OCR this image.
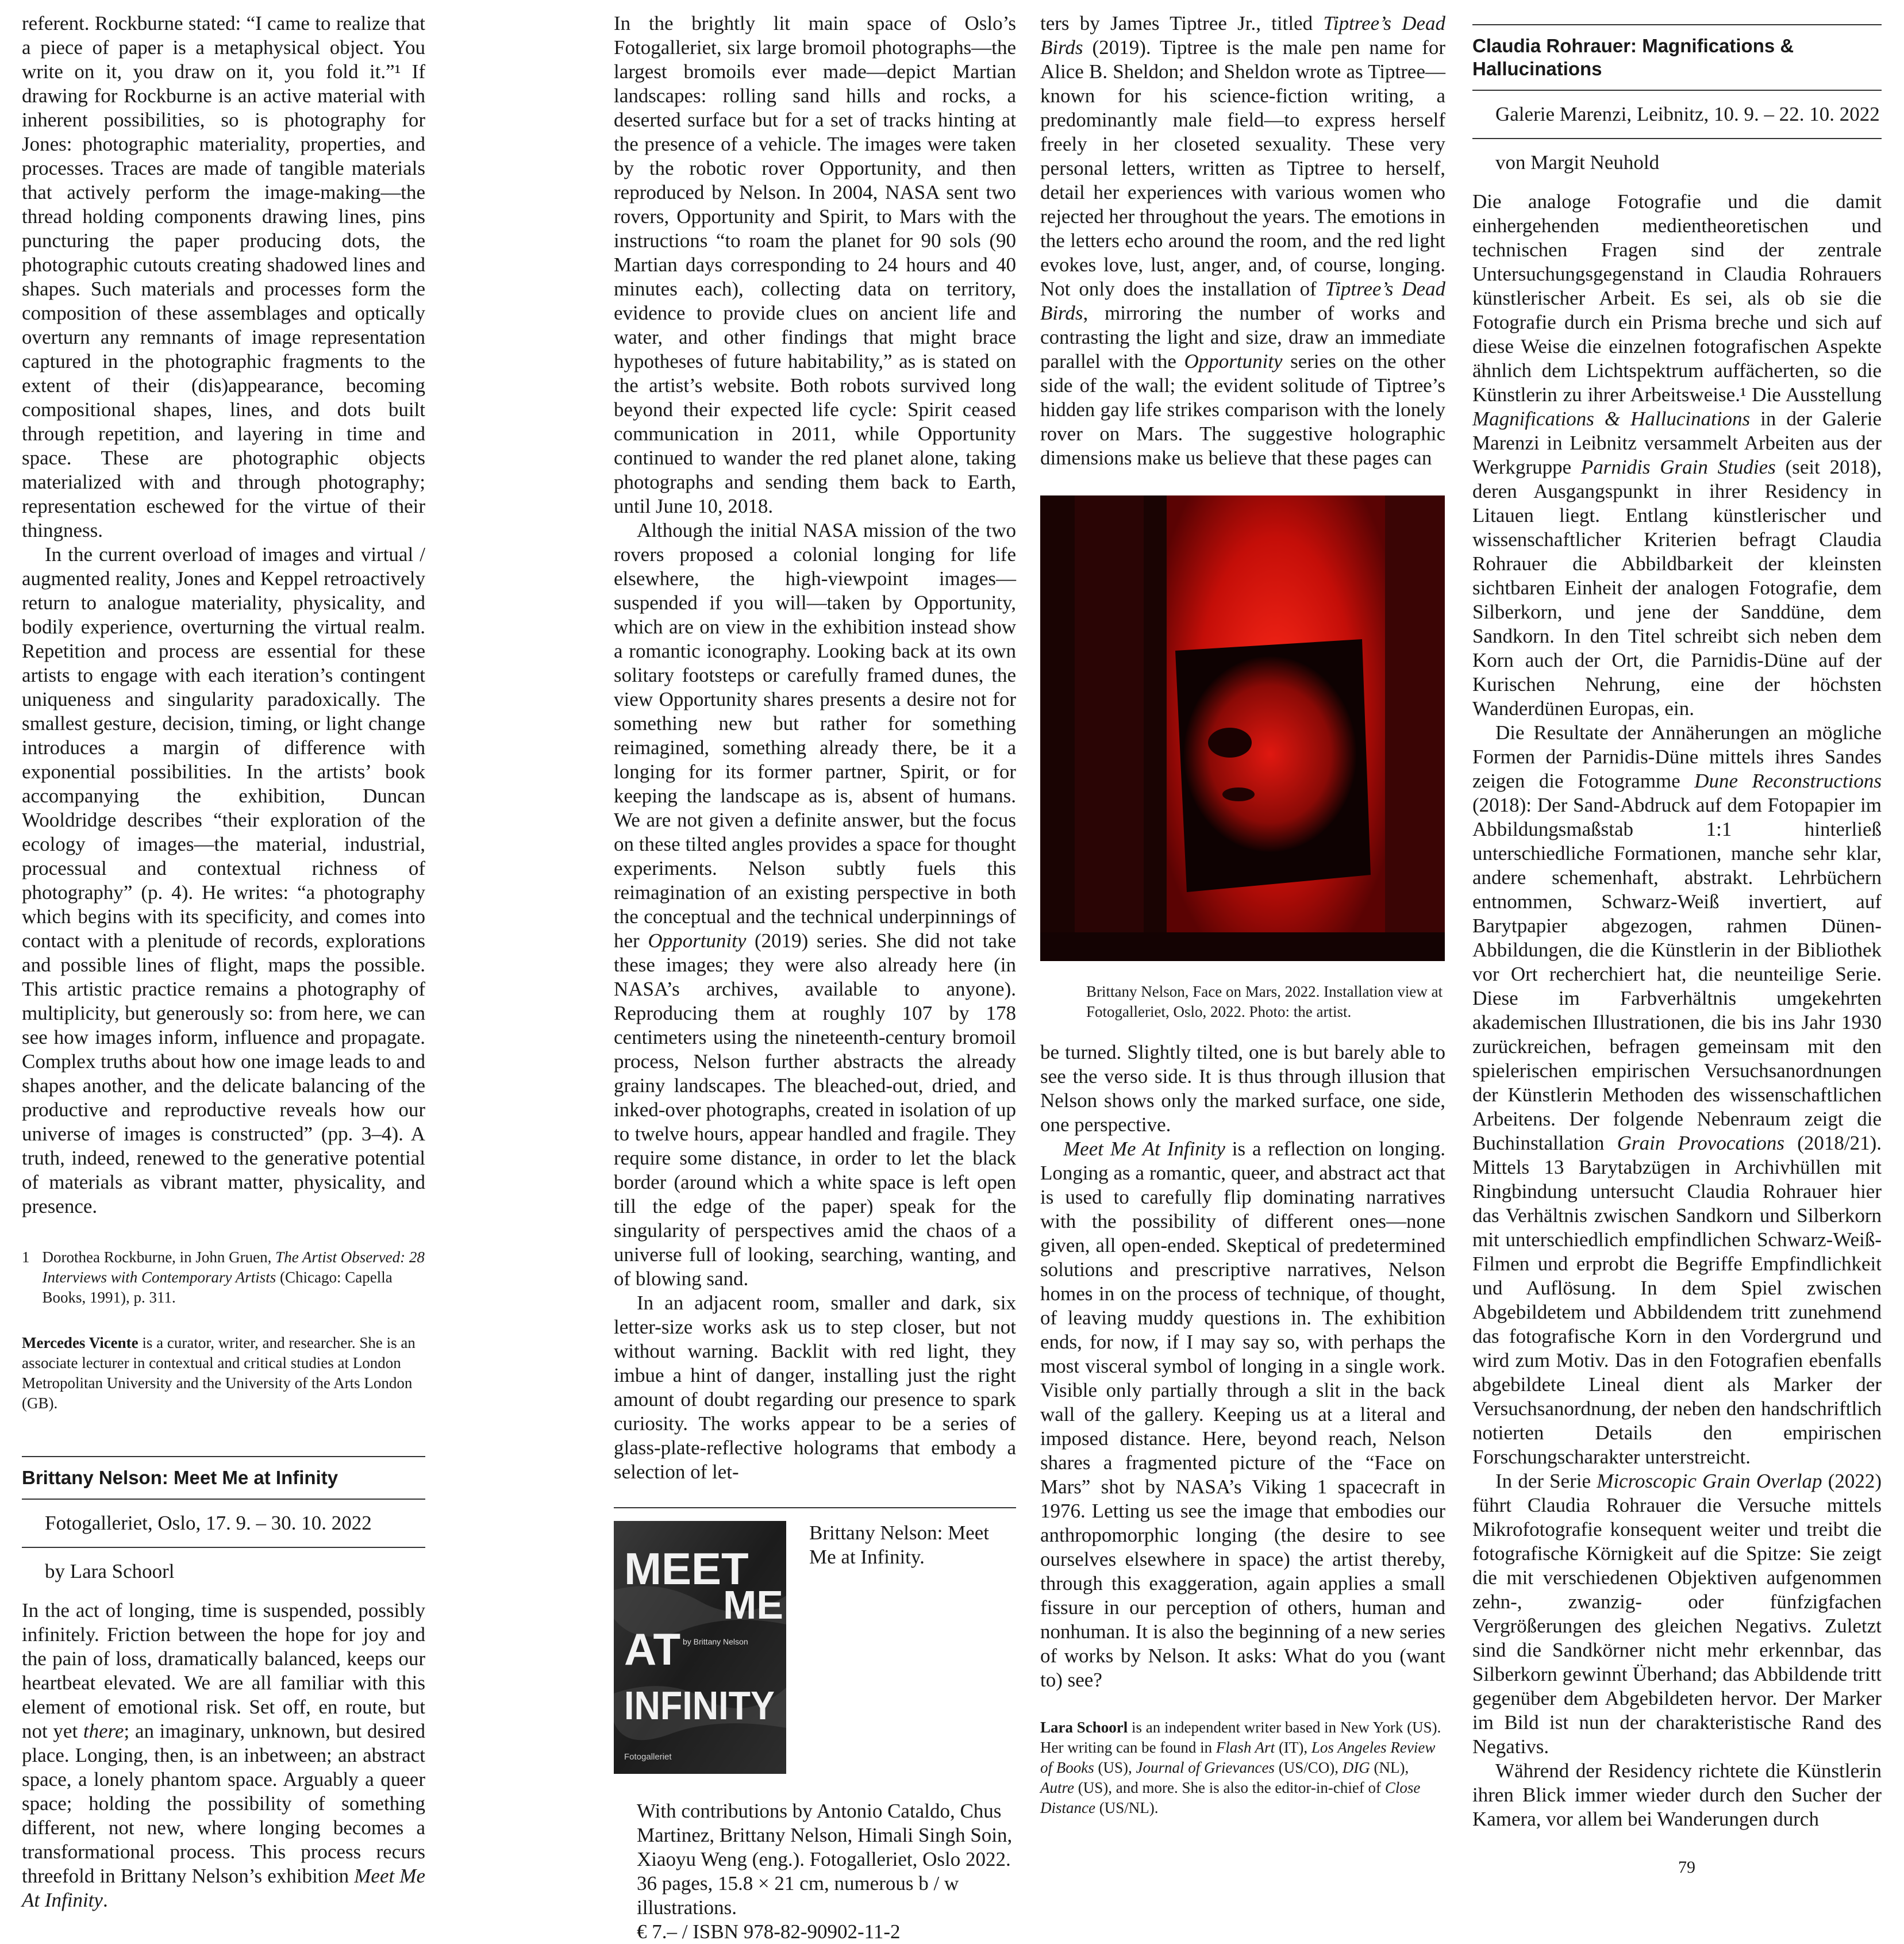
referent. Rockburne stated: “I came to realize that a piece of paper is a metaphysical object. You write on it, you draw on it, you fold it.”¹ If drawing for Rockburne is an active material with inherent possibilities, so is photography for Jones: photographic materiality, properties, and processes. Traces are made of tangible materials that actively perform the image-making—the thread holding components drawing lines, pins puncturing the paper producing dots, the photographic cutouts creating shadowed lines and shapes. Such materials and processes form the composition of these assemblages and optically overturn any remnants of image representation captured in the photographic fragments to the extent of their (dis)appearance, becoming compositional shapes, lines, and dots built through repetition, and layering in time and space. These are photographic objects materialized with and through photography; representation eschewed for the virtue of their thingness.

In the current overload of images and virtual / augmented reality, Jones and Keppel retroactively return to analogue materiality, physicality, and bodily experience, overturning the virtual realm. Repetition and process are essential for these artists to engage with each iteration’s contingent uniqueness and singularity paradoxically. The smallest gesture, decision, timing, or light change introduces a margin of difference with exponential possibilities. In the artists’ book accompanying the exhibition, Duncan Wooldridge describes “their exploration of the ecology of images—the material, industrial, processual and contextual richness of photography” (p. 4). He writes: “a photography which begins with its specificity, and comes into contact with a plenitude of records, explorations and possible lines of flight, maps the possible. This artistic practice remains a photography of multiplicity, but generously so: from here, we can see how images inform, influence and propagate. Complex truths about how one image leads to and shapes another, and the delicate balancing of the productive and reproductive reveals how our universe of images is constructed” (pp. 3–4). A truth, indeed, renewed to the generative potential of materials as vibrant matter, physicality, and presence.

1 Dorothea Rockburne, in John Gruen, The Artist Observed: 28 Interviews with Contemporary Artists (Chicago: Capella Books, 1991), p. 311.
Mercedes Vicente is a curator, writer, and researcher. She is an associate lecturer in contextual and critical studies at London Metropolitan University and the University of the Arts London (GB).
Brittany Nelson: Meet Me at Infinity
Fotogalleriet, Oslo, 17. 9. – 30. 10. 2022
by Lara Schoorl

In the act of longing, time is suspended, possibly infinitely. Friction between the hope for joy and the pain of loss, dramatically balanced, keeps our heartbeat elevated. We are all familiar with this element of emotional risk. Set off, en route, but not yet there; an imaginary, unknown, but desired place. Longing, then, is an inbetween; an abstract space, a lonely phantom space. Arguably a queer space; holding the possibility of something different, not new, where longing becomes a transformational process. This process recurs threefold in Brittany Nelson’s exhibition Meet Me At Infinity.

In the brightly lit main space of Oslo’s Fotogalleriet, six large bromoil photographs—the largest bromoils ever made—depict Martian landscapes: rolling sand hills and rocks, a deserted surface but for a set of tracks hinting at the presence of a vehicle. The images were taken by the robotic rover Opportunity, and then reproduced by Nelson. In 2004, NASA sent two rovers, Opportunity and Spirit, to Mars with the instructions “to roam the planet for 90 sols (90 Martian days corresponding to 24 hours and 40 minutes each), collecting data on territory, evidence to provide clues on ancient life and water, and other findings that might brace hypotheses of future habitability,” as is stated on the artist’s website. Both robots survived long beyond their expected life cycle: Spirit ceased communication in 2011, while Opportunity continued to wander the red planet alone, taking photographs and sending them back to Earth, until June 10, 2018.

Although the initial NASA mission of the two rovers proposed a colonial longing for life elsewhere, the high-viewpoint images—suspended if you will—taken by Opportunity, which are on view in the exhibition instead show a romantic iconography. Looking back at its own solitary footsteps or carefully framed dunes, the view Opportunity shares presents a desire not for something new but rather for something reimagined, something already there, be it a longing for its former partner, Spirit, or for keeping the landscape as is, absent of humans. We are not given a definite answer, but the focus on these tilted angles provides a space for thought experiments. Nelson subtly fuels this reimagination of an existing perspective in both the conceptual and the technical underpinnings of her Opportunity (2019) series. She did not take these images; they were also already here (in NASA’s archives, available to anyone). Reproducing them at roughly 107 by 178 centimeters using the nineteenth-century bromoil process, Nelson further abstracts the already grainy landscapes. The bleached-out, dried, and inked-over photographs, created in isolation of up to twelve hours, appear handled and fragile. They require some distance, in order to let the black border (around which a white space is left open till the edge of the paper) speak for the singularity of perspectives amid the chaos of a universe full of looking, searching, wanting, and of blowing sand.

In an adjacent room, smaller and dark, six letter-size works ask us to step closer, but not without warning. Backlit with red light, they imbue a hint of danger, installing just the right amount of doubt regarding our presence to spark curiosity. The works appear to be a series of glass-plate-reflective holograms that embody a selection of let-

MEET
ME
AT by Brittany Nelson
INFINITY
Fotogalleriet
Brittany Nelson: Meet Me at Infinity.
With contributions by Antonio Cataldo, Chus Martinez, Brittany Nelson, Himali Singh Soin, Xiaoyu Weng (eng.). Fotogalleriet, Oslo 2022.
36 pages, 15.8 × 21 cm, numerous b / w illustrations.
€ 7.– / ISBN 978-82-90902-11-2

ters by James Tiptree Jr., titled Tiptree’s Dead Birds (2019). Tiptree is the male pen name for Alice B. Sheldon; and Sheldon wrote as Tiptree—known for his science-fiction writing, a predominantly male field—to express herself freely in her closeted sexuality. These very personal letters, written as Tiptree to herself, detail her experiences with various women who rejected her throughout the years. The emotions in the letters echo around the room, and the red light evokes love, lust, anger, and, of course, longing. Not only does the installation of Tiptree’s Dead Birds, mirroring the number of works and contrasting the light and size, draw an immediate parallel with the Opportunity series on the other side of the wall; the evident solitude of Tiptree’s hidden gay life strikes comparison with the lonely rover on Mars. The suggestive holographic dimensions make us believe that these pages can

Brittany Nelson, Face on Mars, 2022. Installation view at Fotogalleriet, Oslo, 2022. Photo: the artist.

be turned. Slightly tilted, one is but barely able to see the verso side. It is thus through illusion that Nelson shows only the marked surface, one side, one perspective.

Meet Me At Infinity is a reflection on longing. Longing as a romantic, queer, and abstract act that is used to carefully flip dominating narratives with the possibility of different ones—none given, all open-ended. Skeptical of predetermined solutions and prescriptive narratives, Nelson homes in on the process of technique, of thought, of leaving muddy questions in. The exhibition ends, for now, if I may say so, with perhaps the most visceral symbol of longing in a single work. Visible only partially through a slit in the back wall of the gallery. Keeping us at a literal and imposed distance. Here, beyond reach, Nelson shares a fragmented picture of the “Face on Mars” shot by NASA’s Viking 1 spacecraft in 1976. Letting us see the image that embodies our anthropomorphic longing (the desire to see ourselves elsewhere in space) the artist thereby, through this exaggeration, again applies a small fissure in our perception of others, human and nonhuman. It is also the beginning of a new series of works by Nelson. It asks: What do you (want to) see?

Lara Schoorl is an independent writer based in New York (US). Her writing can be found in Flash Art (IT), Los Angeles Review of Books (US), Journal of Grievances (US/CO), DIG (NL), Autre (US), and more. She is also the editor-in-chief of Close Distance (US/NL).
Claudia Rohrauer: Magnifications & Hallucinations
Galerie Marenzi, Leibnitz, 10. 9. – 22. 10. 2022
von Margit Neuhold

Die analoge Fotografie und die damit einhergehenden medientheoretischen und technischen Fragen sind der zentrale Untersuchungsgegenstand in Claudia Rohrauers künstlerischer Arbeit. Es sei, als ob sie die Fotografie durch ein Prisma breche und sich auf diese Weise die einzelnen fotografischen Aspekte ähnlich dem Lichtspektrum auffächerten, so die Künstlerin zu ihrer Arbeitsweise.¹ Die Ausstellung Magnifications & Hallucinations in der Galerie Marenzi in Leibnitz versammelt Arbeiten aus der Werkgruppe Parnidis Grain Studies (seit 2018), deren Ausgangspunkt in ihrer Residency in Litauen liegt. Entlang künstlerischer und wissenschaftlicher Kriterien befragt Claudia Rohrauer die Abbildbarkeit der kleinsten sichtbaren Einheit der analogen Fotografie, dem Silberkorn, und jene der Sanddüne, dem Sandkorn. In den Titel schreibt sich neben dem Korn auch der Ort, die Parnidis-Düne auf der Kurischen Nehrung, eine der höchsten Wanderdünen Europas, ein.

Die Resultate der Annäherungen an mögliche Formen der Parnidis-Düne mittels ihres Sandes zeigen die Fotogramme Dune Reconstructions (2018): Der Sand-Abdruck auf dem Fotopapier im Abbildungsmaßstab 1:1 hinterließ unterschiedliche Formationen, manche sehr klar, andere schemenhaft, abstrakt. Lehrbüchern entnommen, Schwarz-Weiß invertiert, auf Barytpapier abgezogen, rahmen Dünen-Abbildungen, die die Künstlerin in der Bibliothek vor Ort recherchiert hat, die neunteilige Serie. Diese im Farbverhältnis umgekehrten akademischen Illustrationen, die bis ins Jahr 1930 zurückreichen, befragen gemeinsam mit den spielerischen empirischen Versuchsanordnungen der Künstlerin Methoden des wissenschaftlichen Arbeitens. Der folgende Nebenraum zeigt die Buchinstallation Grain Provocations (2018/21). Mittels 13 Barytabzügen in Archivhüllen mit Ringbindung untersucht Claudia Rohrauer hier das Verhältnis zwischen Sandkorn und Silberkorn mit unterschiedlich empfindlichen Schwarz-Weiß-Filmen und erprobt die Begriffe Empfindlichkeit und Auflösung. In dem Spiel zwischen Abgebildetem und Abbildendem tritt zunehmend das fotografische Korn in den Vordergrund und wird zum Motiv. Das in den Fotografien ebenfalls abgebildete Lineal dient als Marker der Versuchsanordnung, der neben den handschriftlich notierten Details den empirischen Forschungscharakter unterstreicht.

In der Serie Microscopic Grain Overlap (2022) führt Claudia Rohrauer die Versuche mittels Mikrofotografie konsequent weiter und treibt die fotografische Körnigkeit auf die Spitze: Sie zeigt die mit verschiedenen Objektiven aufgenommen zehn-, zwanzig- oder fünfzigfachen Vergrößerungen des gleichen Negativs. Zuletzt sind die Sandkörner nicht mehr erkennbar, das Silberkorn gewinnt Überhand; das Abbildende tritt gegenüber dem Abgebildeten hervor. Der Marker im Bild ist nun der charakteristische Rand des Negativs.

Während der Residency richtete die Künstlerin ihren Blick immer wieder durch den Sucher der Kamera, vor allem bei Wanderungen durch

79
